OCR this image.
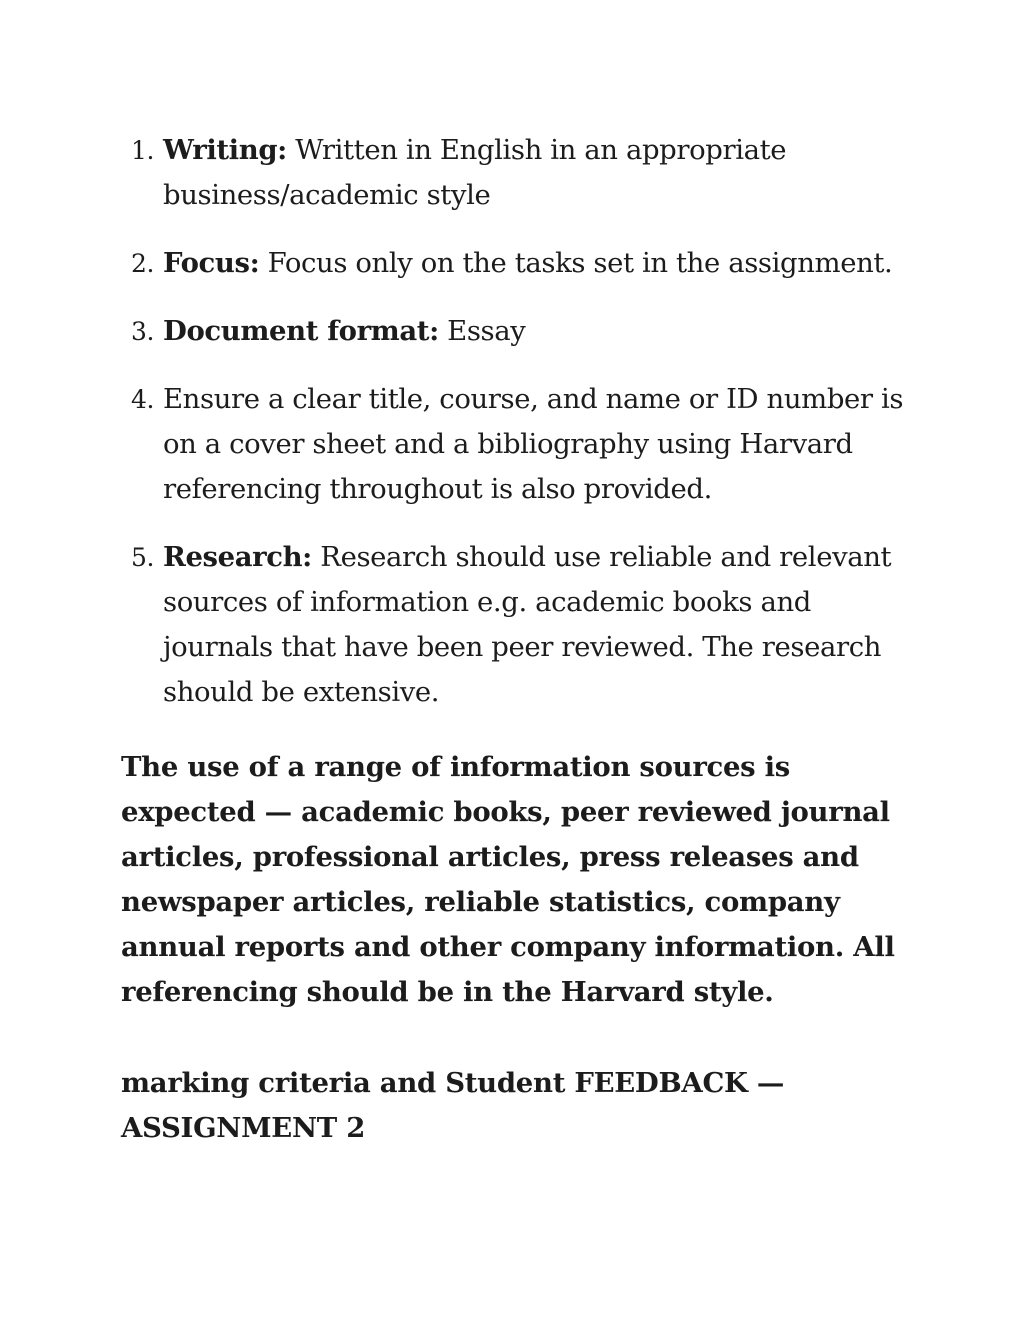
1. Writing: Written in English in an appropriate business/academic style
2. Focus: Focus only on the tasks set in the assignment.
3. Document format: Essay
4. Ensure a clear title, course, and name or ID number is on a cover sheet and a bibliography using Harvard referencing throughout is also provided.
5. Research: Research should use reliable and relevant sources of information e.g. academic books and journals that have been peer reviewed. The research should be extensive.

The use of a range of information sources is expected — academic books, peer reviewed journal articles, professional articles, press releases and newspaper articles, reliable statistics, company annual reports and other company information. All referencing should be in the Harvard style.

marking criteria and Student FEEDBACK — ASSIGNMENT 2
